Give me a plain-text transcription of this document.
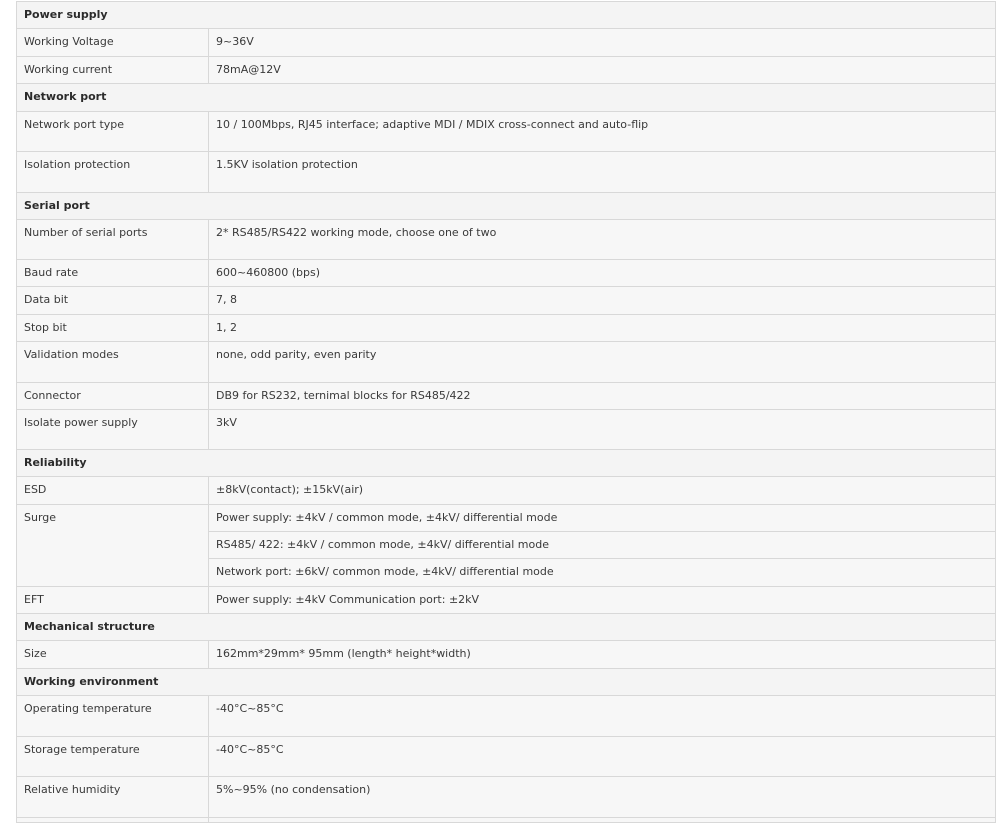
Power supply	
Working Voltage	9~36V
Working current	78mA@12V
Network port	
Network port type	10 / 100Mbps, RJ45 interface; adaptive MDI / MDIX cross-connect and auto-flip
Isolation protection	1.5KV isolation protection
Serial port	
Number of serial ports	2* RS485/RS422 working mode, choose one of two
Baud rate	600~460800 (bps)
Data bit	7, 8
Stop bit	1, 2
Validation modes	none, odd parity, even parity
Connector	DB9 for RS232, ternimal blocks for RS485/422
Isolate power supply	3kV
Reliability	
ESD	±8kV(contact); ±15kV(air)
Surge	Power supply: ±4kV / common mode, ±4kV/ differential mode
	RS485/ 422: ±4kV / common mode, ±4kV/ differential mode
	Network port: ±6kV/ common mode, ±4kV/ differential mode
EFT	Power supply: ±4kV Communication port: ±2kV
Mechanical structure	
Size	162mm*29mm* 95mm (length* height*width)
Working environment	
Operating temperature	-40°C~85°C
Storage temperature	-40°C~85°C
Relative humidity	5%~95% (no condensation)
